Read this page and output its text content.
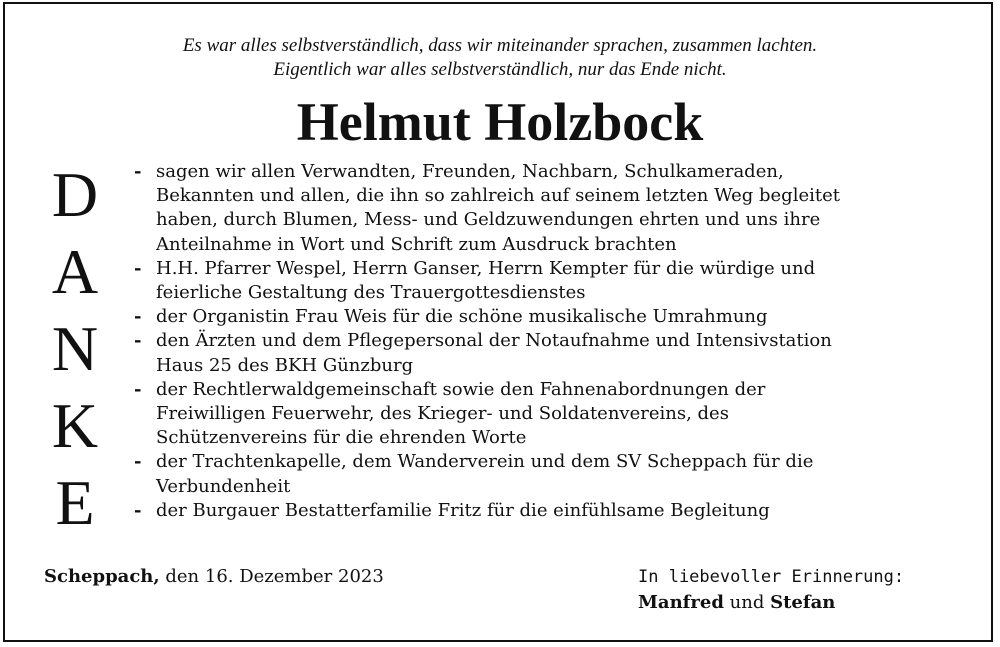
Es war alles selbstverständlich, dass wir miteinander sprachen, zusammen lachten.
Eigentlich war alles selbstverständlich, nur das Ende nicht.
Helmut Holzbock
D
A
N
K
E
- sagen wir allen Verwandten, Freunden, Nachbarn, Schulkameraden,
Bekannten und allen, die ihn so zahlreich auf seinem letzten Weg begleitet
haben, durch Blumen, Mess- und Geldzuwendungen ehrten und uns ihre
Anteilnahme in Wort und Schrift zum Ausdruck brachten
- H.H. Pfarrer Wespel, Herrn Ganser, Herrn Kempter für die würdige und
feierliche Gestaltung des Trauergottesdienstes
- der Organistin Frau Weis für die schöne musikalische Umrahmung
- den Ärzten und dem Pflegepersonal der Notaufnahme und Intensivstation
Haus 25 des BKH Günzburg
- der Rechtlerwaldgemeinschaft sowie den Fahnenabordnungen der
Freiwilligen Feuerwehr, des Krieger- und Soldatenvereins, des
Schützenvereins für die ehrenden Worte
- der Trachtenkapelle, dem Wanderverein und dem SV Scheppach für die
Verbundenheit
- der Burgauer Bestatterfamilie Fritz für die einfühlsame Begleitung
Scheppach, den 16. Dezember 2023	In liebevoller Erinnerung:
Manfred und Stefan
